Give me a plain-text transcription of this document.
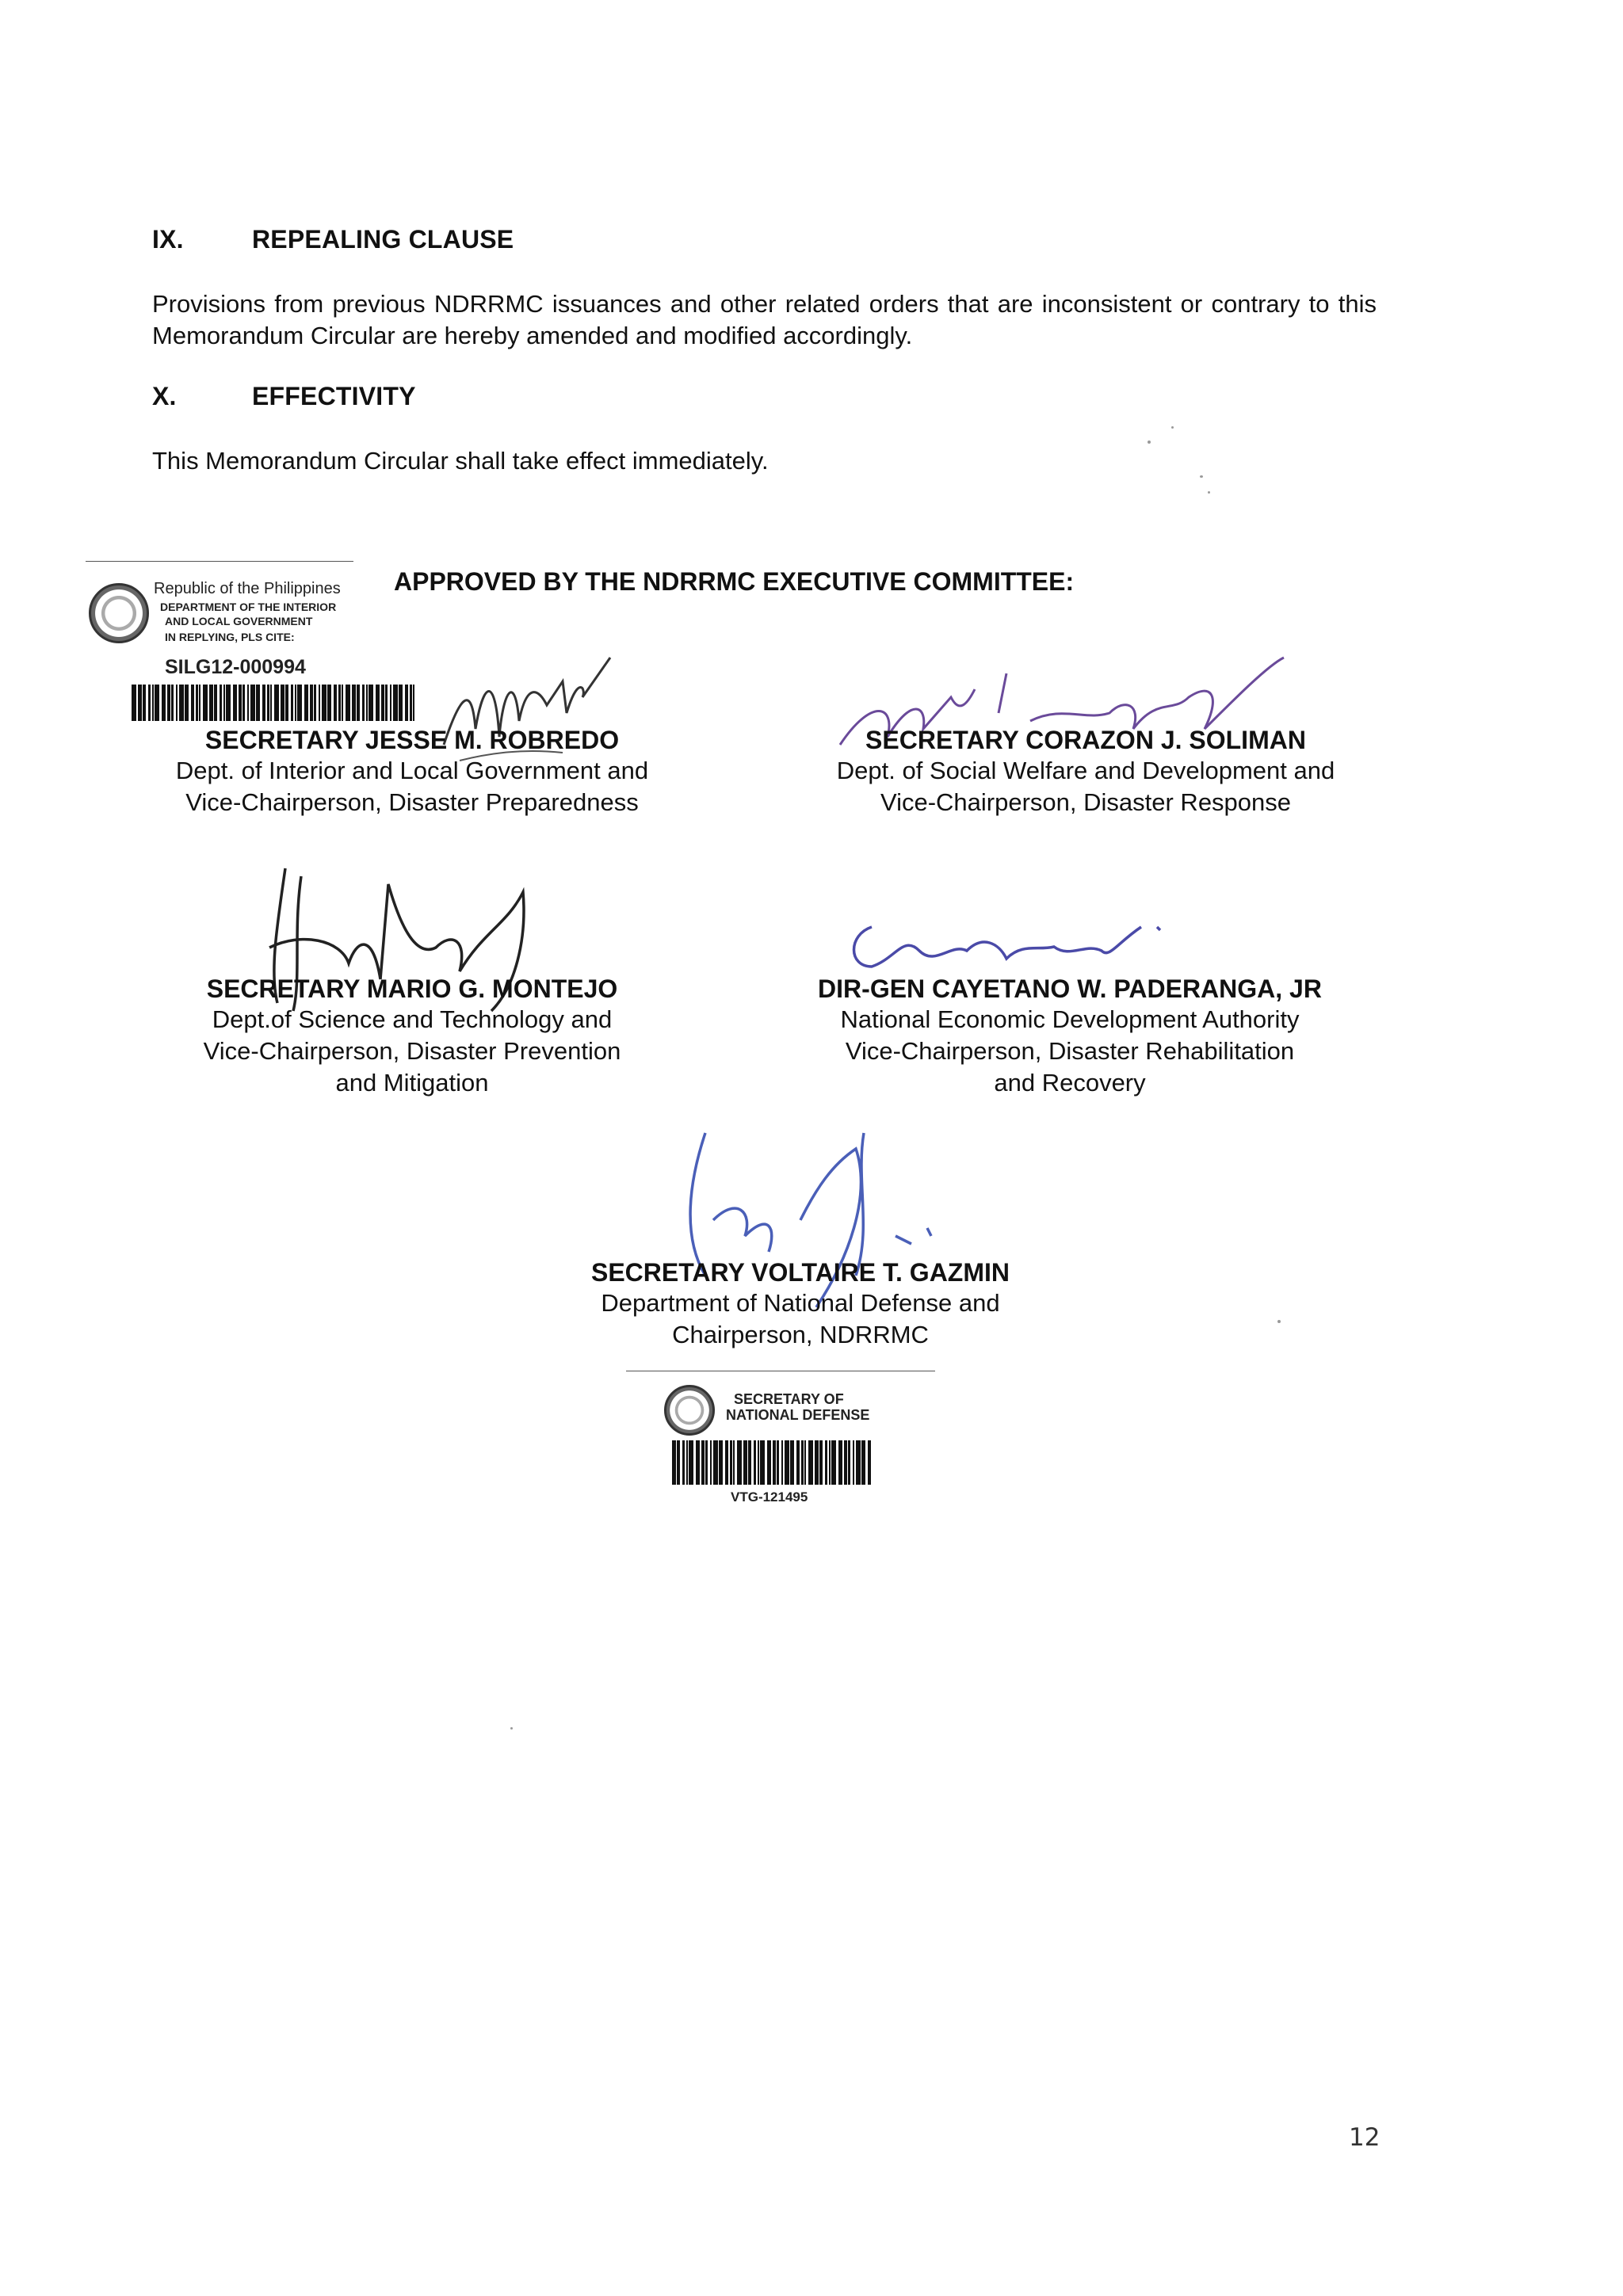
IX.	REPEALING CLAUSE
Provisions from previous NDRRMC issuances and other related orders that are inconsistent or contrary to this Memorandum Circular are hereby amended and modified accordingly.
X.	EFFECTIVITY
This Memorandum Circular shall take effect immediately.
Republic of the Philippines
DEPARTMENT OF THE INTERIOR
AND LOCAL GOVERNMENT
IN REPLYING, PLS CITE:
SILG12-000994
APPROVED BY THE NDRRMC EXECUTIVE COMMITTEE:
SECRETARY JESSE M. ROBREDO
Dept. of Interior and Local Government and
Vice-Chairperson, Disaster Preparedness
SECRETARY CORAZON J. SOLIMAN
Dept. of Social Welfare and Development and
Vice-Chairperson, Disaster Response
SECRETARY MARIO G. MONTEJO
Dept.of Science and Technology and
Vice-Chairperson, Disaster Prevention
and Mitigation
DIR-GEN CAYETANO W. PADERANGA, JR
National Economic Development Authority
Vice-Chairperson, Disaster Rehabilitation
and Recovery
SECRETARY VOLTAIRE T. GAZMIN
Department of National Defense and
Chairperson, NDRRMC
SECRETARY OF
NATIONAL DEFENSE
VTG-121495
12
